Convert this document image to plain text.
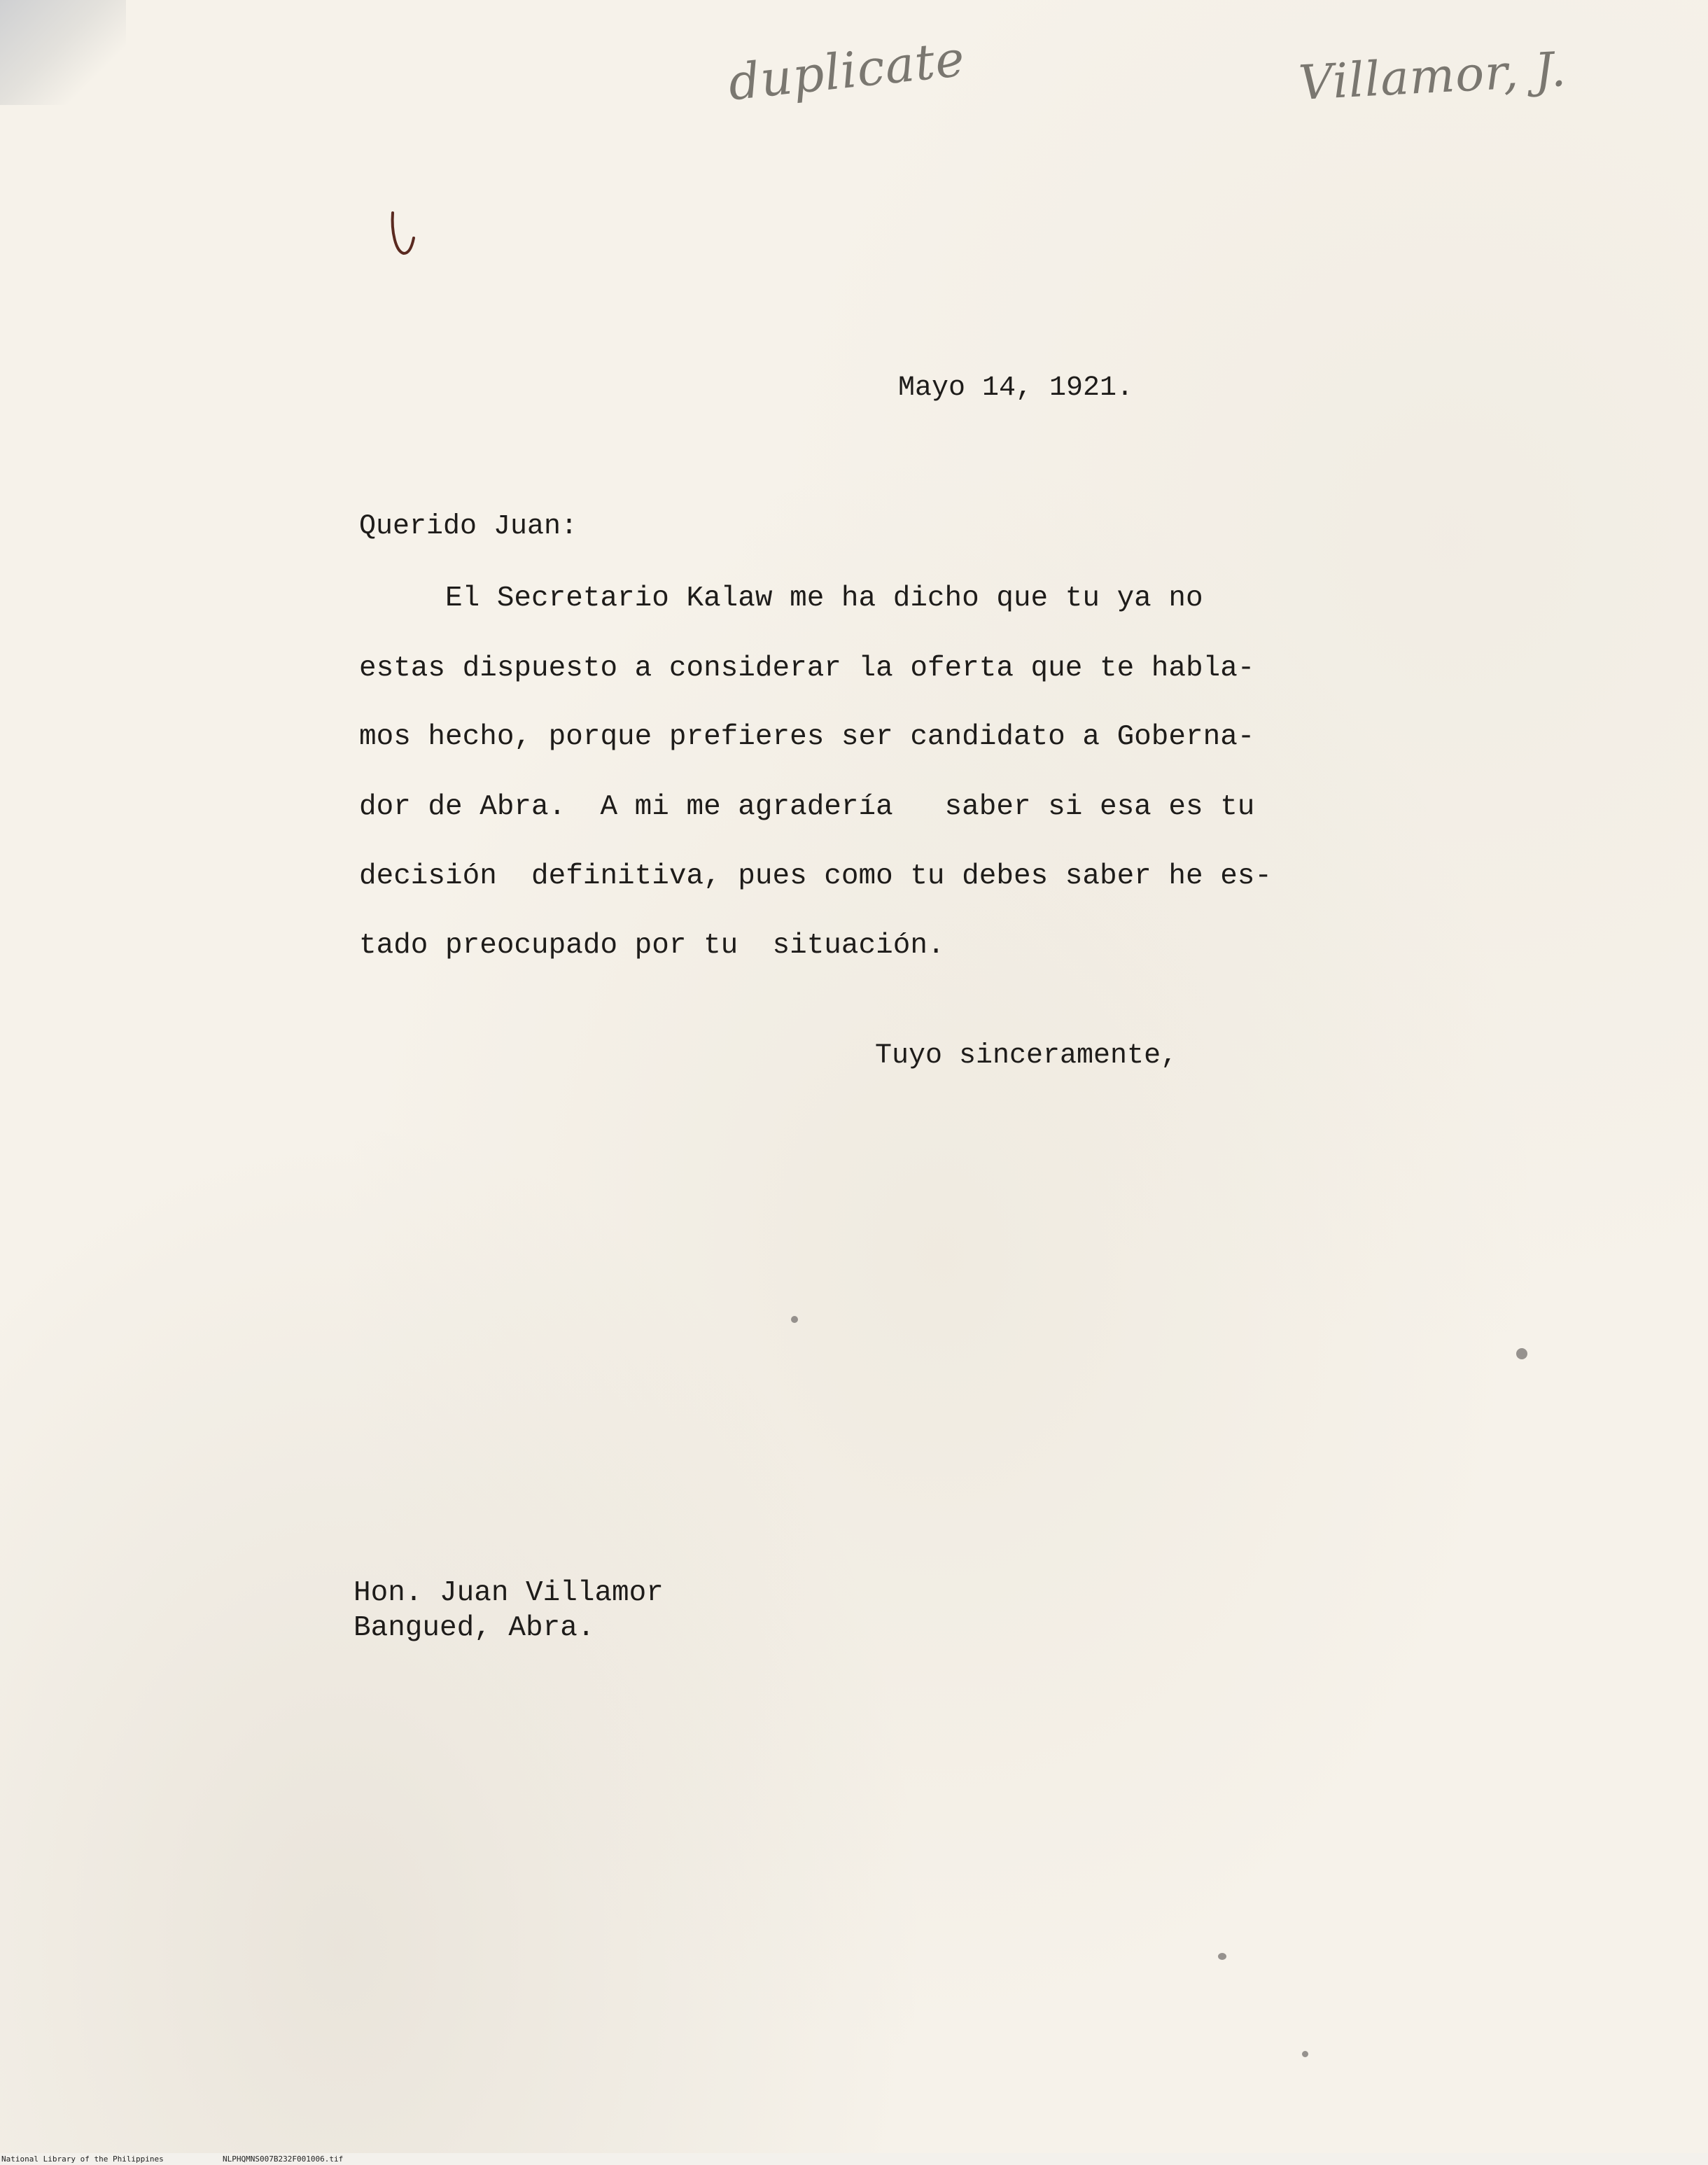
duplicate	Villamor, J.
Mayo 14, 1921.
Querido Juan:
El Secretario Kalaw me ha dicho que tu ya no
estas dispuesto a considerar la oferta que te habla-
mos hecho, porque prefieres ser candidato a Goberna-
dor de Abra.  A mi me agradería   saber si esa es tu
decisión  definitiva, pues como tu debes saber he es-
tado preocupado por tu  situación.
Tuyo sinceramente,
Hon. Juan Villamor
Bangued, Abra.

National Library of the Philippines

	NLPHQMNS007B232F001006.tif
